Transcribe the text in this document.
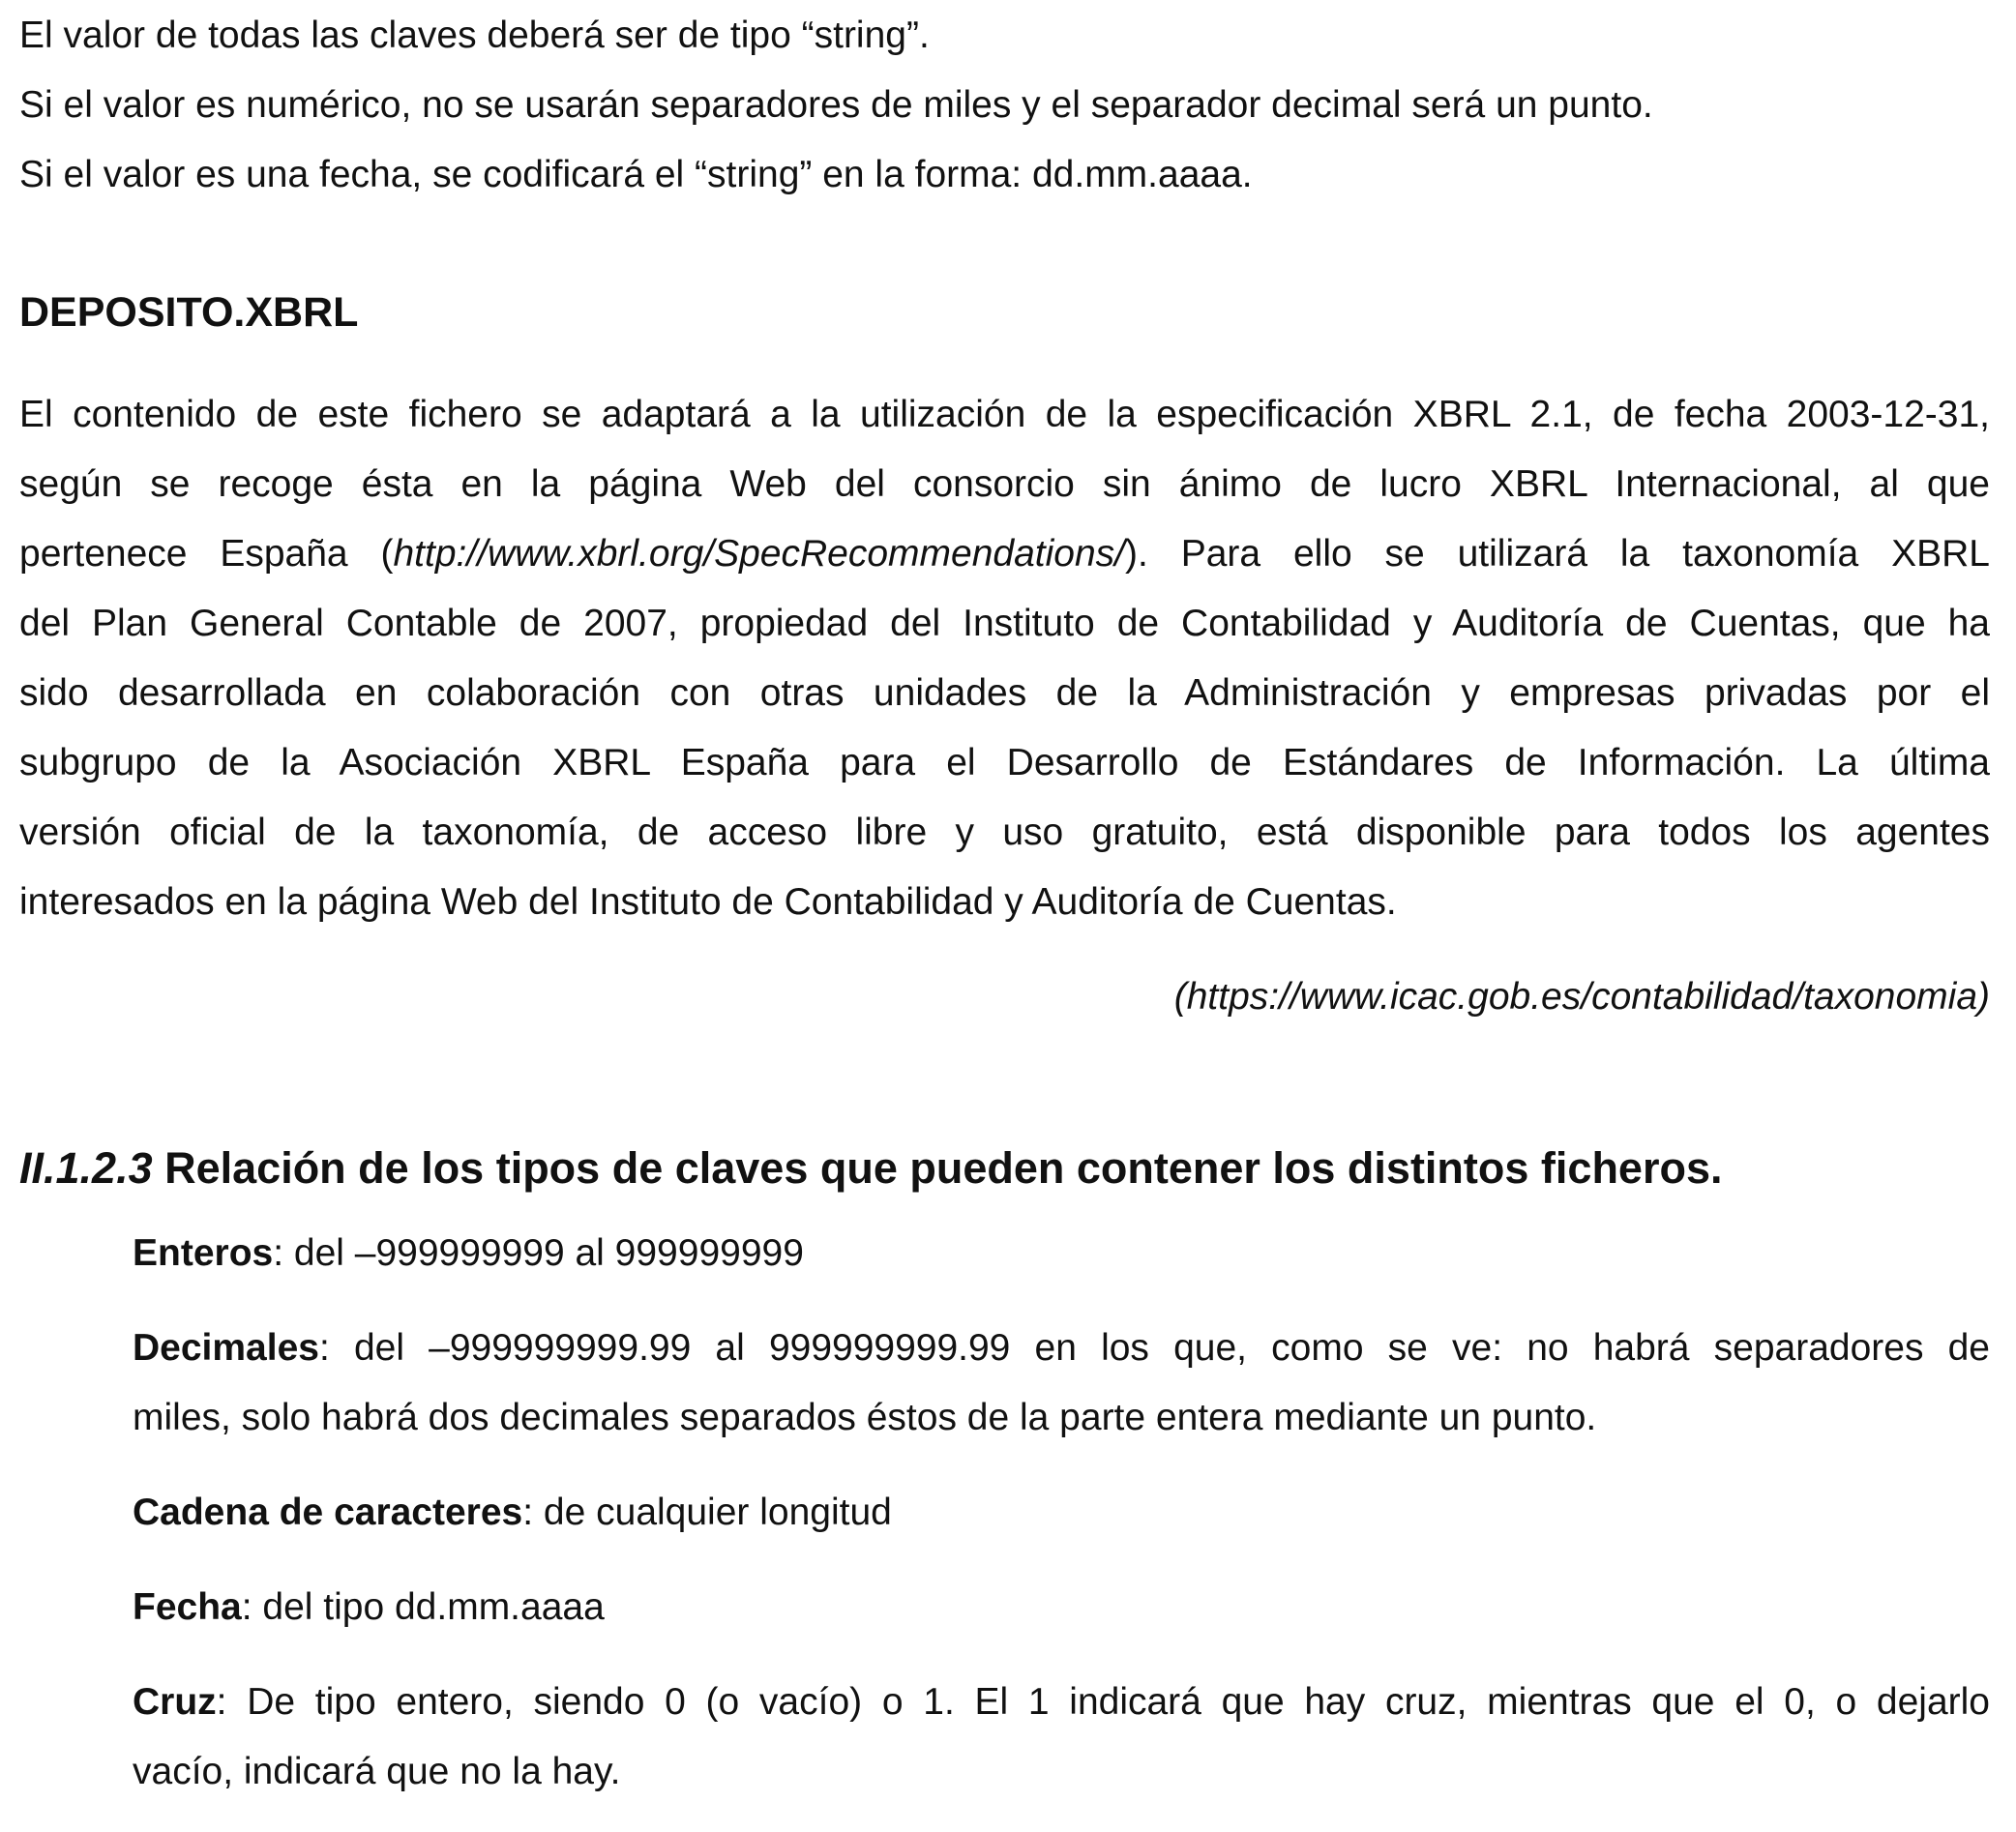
El valor de todas las claves deberá ser de tipo “string”.

Si el valor es numérico, no se usarán separadores de miles y el separador decimal será un punto.

Si el valor es una fecha, se codificará el “string” en la forma: dd.mm.aaaa.

DEPOSITO.XBRL

El contenido de este fichero se adaptará a la utilización de la especificación XBRL 2.1, de fecha 2003-12-31,
según se recoge ésta en la página Web del consorcio sin ánimo de lucro XBRL Internacional, al que
pertenece España (http://www.xbrl.org/SpecRecommendations/). Para ello se utilizará la taxonomía XBRL
del Plan General Contable de 2007, propiedad del Instituto de Contabilidad y Auditoría de Cuentas, que ha
sido desarrollada en colaboración con otras unidades de la Administración y empresas privadas por el
subgrupo de la Asociación XBRL España para el Desarrollo de Estándares de Información. La última
versión oficial de la taxonomía, de acceso libre y uso gratuito, está disponible para todos los agentes
interesados en la página Web del Instituto de Contabilidad y Auditoría de Cuentas.

(https://www.icac.gob.es/contabilidad/taxonomia)

II.1.2.3 Relación de los tipos de claves que pueden contener los distintos ficheros.

Enteros: del –999999999 al 999999999

Decimales: del –999999999.99 al 999999999.99 en los que, como se ve: no habrá separadores de
miles, solo habrá dos decimales separados éstos de la parte entera mediante un punto.

Cadena de caracteres: de cualquier longitud

Fecha: del tipo dd.mm.aaaa

Cruz: De tipo entero, siendo 0 (o vacío) o 1. El 1 indicará que hay cruz, mientras que el 0, o dejarlo
vacío, indicará que no la hay.
